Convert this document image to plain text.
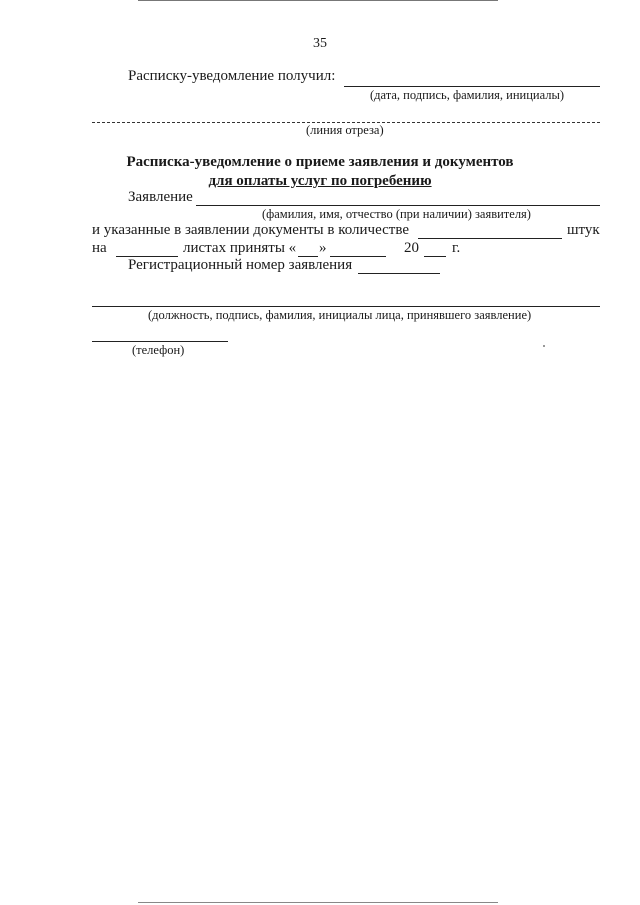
35
Расписку-уведомление получил:
(дата, подпись, фамилия, инициалы)
(линия отреза)
Расписка-уведомление о приеме заявления и документов
для оплаты услуг по погребению
Заявление
(фамилия, имя, отчество (при наличии) заявителя)
и указанные в заявлении документы в количестве	штук
на	листах приняты « »	20 г.
Регистрационный номер заявления
(должность, подпись, фамилия, инициалы лица, принявшего заявление)
(телефон)
